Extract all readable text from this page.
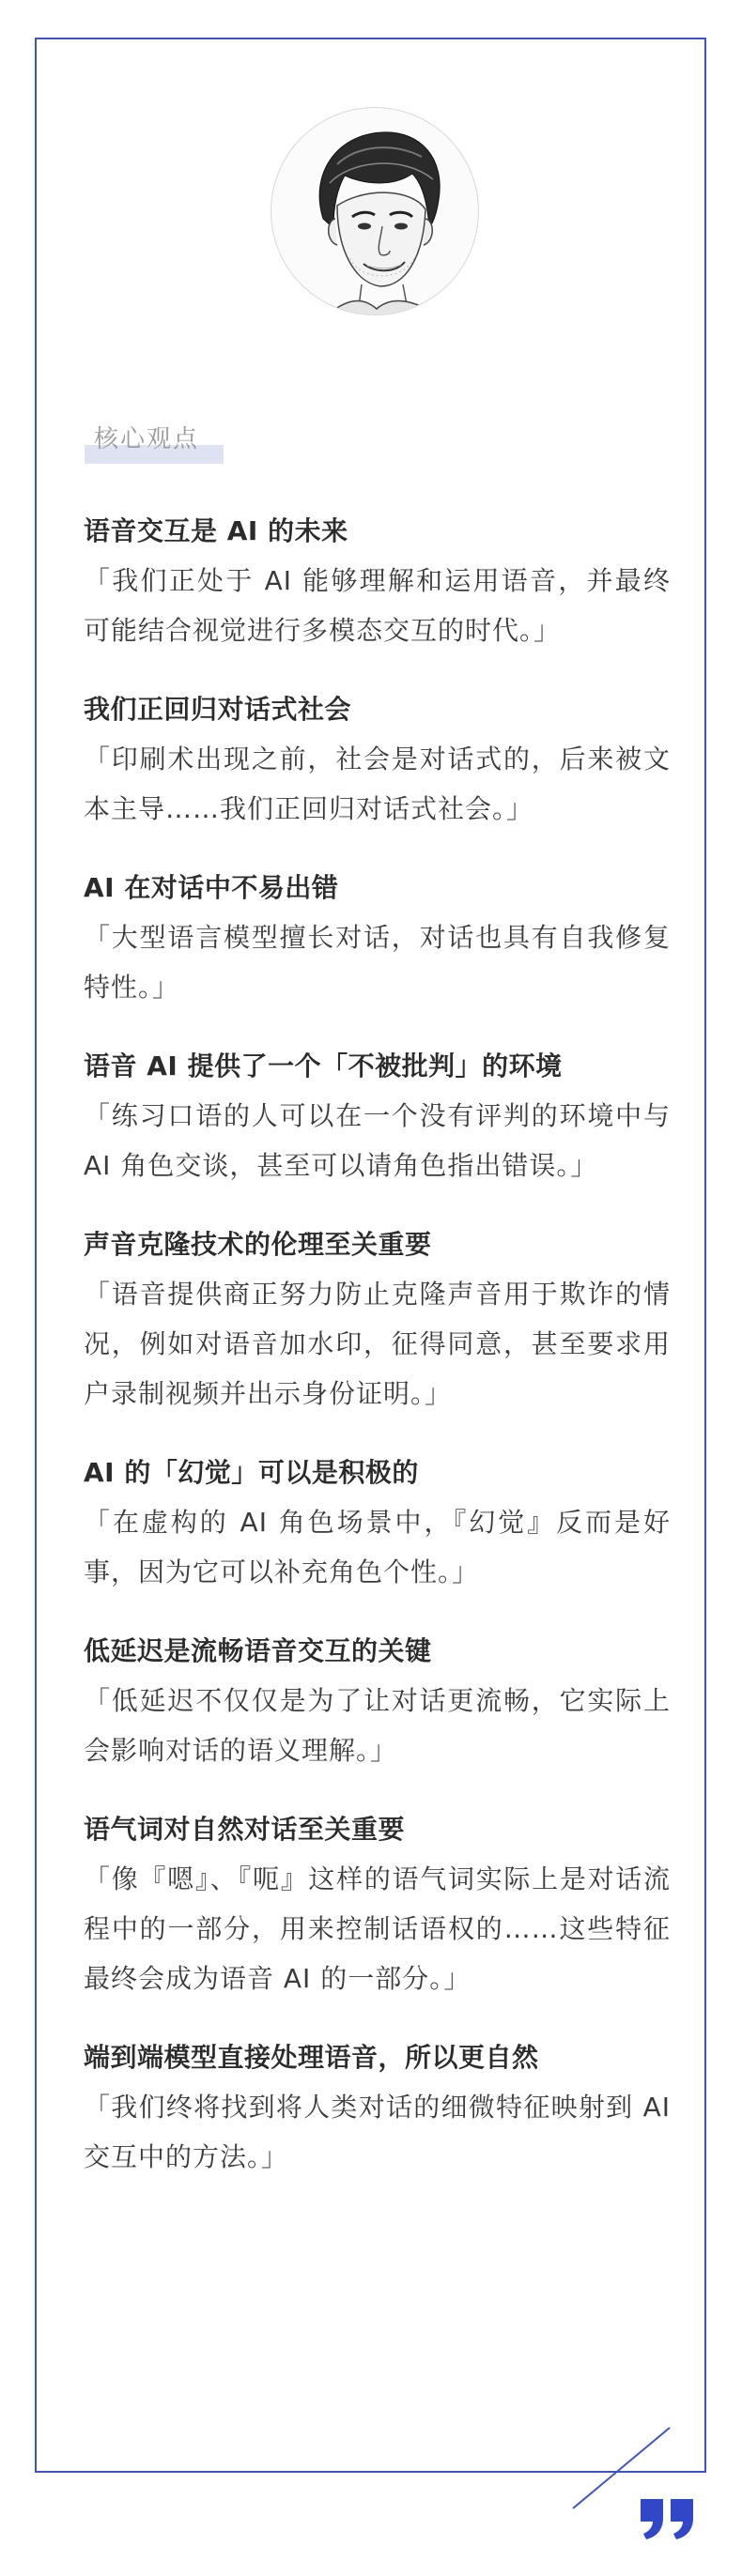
核心观点
语音交互是 AI 的未来
「我们正处于 AI 能够理解和运用语音，并最终可能结合视觉进行多模态交互的时代。」
我们正回归对话式社会
「印刷术出现之前，社会是对话式的，后来被文本主导……我们正回归对话式社会。」
AI 在对话中不易出错
「大型语言模型擅长对话，对话也具有自我修复特性。」
语音 AI 提供了一个「不被批判」的环境
「练习口语的人可以在一个没有评判的环境中与 AI 角色交谈，甚至可以请角色指出错误。」
声音克隆技术的伦理至关重要
「语音提供商正努力防止克隆声音用于欺诈的情况，例如对语音加水印，征得同意，甚至要求用户录制视频并出示身份证明。」
AI 的「幻觉」可以是积极的
「在虚构的 AI 角色场景中，『幻觉』反而是好事，因为它可以补充角色个性。」
低延迟是流畅语音交互的关键
「低延迟不仅仅是为了让对话更流畅，它实际上会影响对话的语义理解。」
语气词对自然对话至关重要
「像『嗯』、『呃』这样的语气词实际上是对话流程中的一部分，用来控制话语权的……这些特征最终会成为语音 AI 的一部分。」
端到端模型直接处理语音，所以更自然
「我们终将找到将人类对话的细微特征映射到 AI 交互中的方法。」
